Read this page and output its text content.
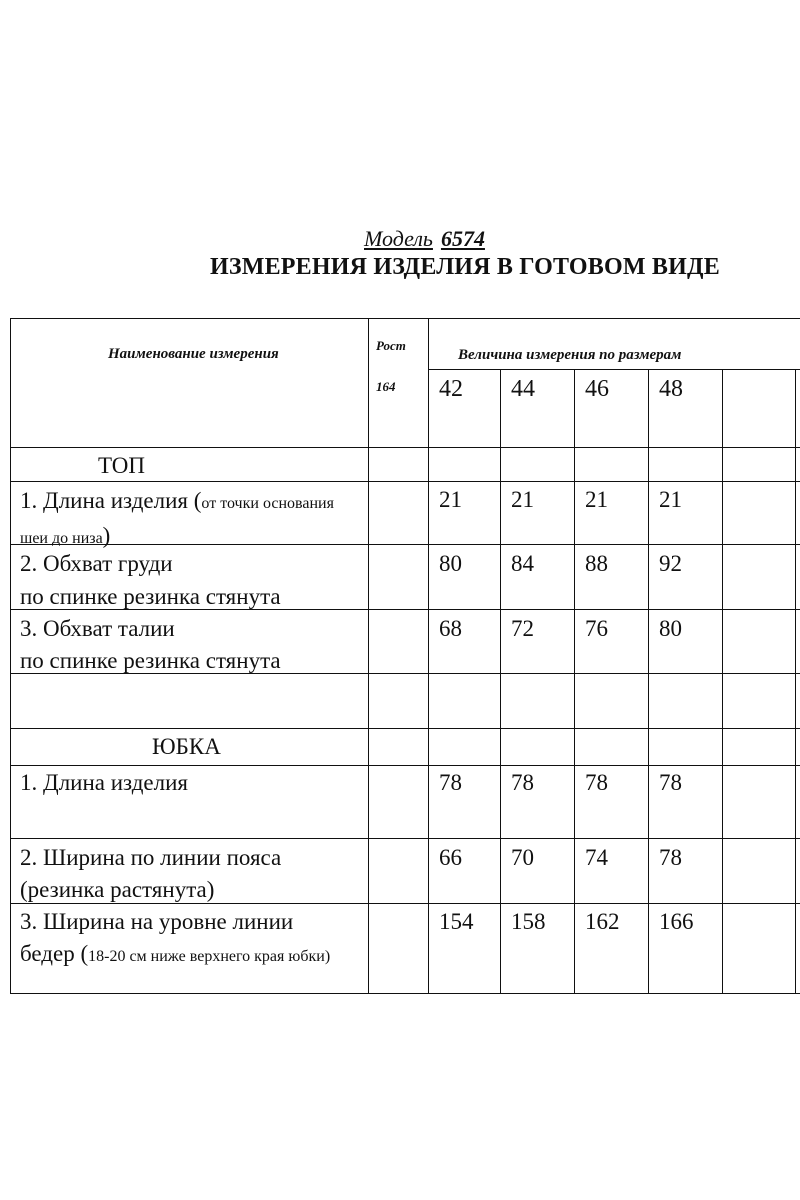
Модель 6574
ИЗМЕРЕНИЯ ИЗДЕЛИЯ В ГОТОВОМ ВИДЕ
Наименование измерения
Рост
164
Величина измерения по размерам
42 44 46 48
ТОП
1. Длина изделия (от точки основания шеи до низа)
21 21 21 21
2. Обхват груди
по спинке резинка стянута
80 84 88 92
3. Обхват талии
по спинке резинка стянута
68 72 76 80
ЮБКА
1. Длина изделия	78 78 78 78
2. Ширина по линии пояса
(резинка растянута)
66 70 74 78
3. Ширина на уровне линии
бедер (18-20 см ниже верхнего края юбки)
154 158 162 166
